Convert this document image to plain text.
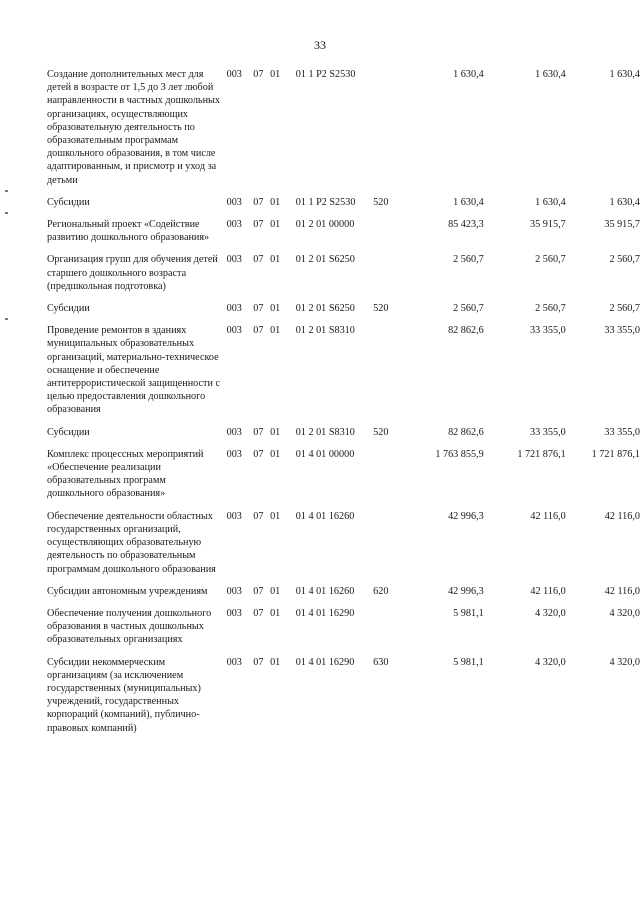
33
Создание дополнительных мест для детей в возрасте от 1,5 до 3 лет любой направленности в частных дошкольных организациях, осуществляющих образовательную деятельность по образовательным программам дошкольного образования, в том числе адаптированным, и присмотр и уход за детьми	003	07	01	01 1 P2 S2530		1 630,4	1 630,4	1 630,4
Субсидии	003	07	01	01 1 P2 S2530	520	1 630,4	1 630,4	1 630,4
Региональный проект «Содействие развитию дошкольного образования»	003	07	01	01 2 01 00000		85 423,3	35 915,7	35 915,7
Организация групп для обучения детей старшего дошкольного возраста (предшкольная подготовка)	003	07	01	01 2 01 S6250		2 560,7	2 560,7	2 560,7
Субсидии	003	07	01	01 2 01 S6250	520	2 560,7	2 560,7	2 560,7
Проведение ремонтов в зданиях муниципальных образовательных организаций, материально-техническое оснащение и обеспечение антитеррористической защищенности с целью предоставления дошкольного образования	003	07	01	01 2 01 S8310		82 862,6	33 355,0	33 355,0
Субсидии	003	07	01	01 2 01 S8310	520	82 862,6	33 355,0	33 355,0
Комплекс процессных мероприятий «Обеспечение реализации образовательных программ дошкольного образования»	003	07	01	01 4 01 00000		1 763 855,9	1 721 876,1	1 721 876,1
Обеспечение деятельности областных государственных организаций, осуществляющих образовательную деятельность по образовательным программам дошкольного образования	003	07	01	01 4 01 16260		42 996,3	42 116,0	42 116,0
Субсидии автономным учреждениям	003	07	01	01 4 01 16260	620	42 996,3	42 116,0	42 116,0
Обеспечение получения дошкольного образования в частных дошкольных образовательных организациях	003	07	01	01 4 01 16290		5 981,1	4 320,0	4 320,0
Субсидии некоммерческим организациям (за исключением государственных (муниципальных) учреждений, государственных корпораций (компаний), публично-правовых компаний)	003	07	01	01 4 01 16290	630	5 981,1	4 320,0	4 320,0
